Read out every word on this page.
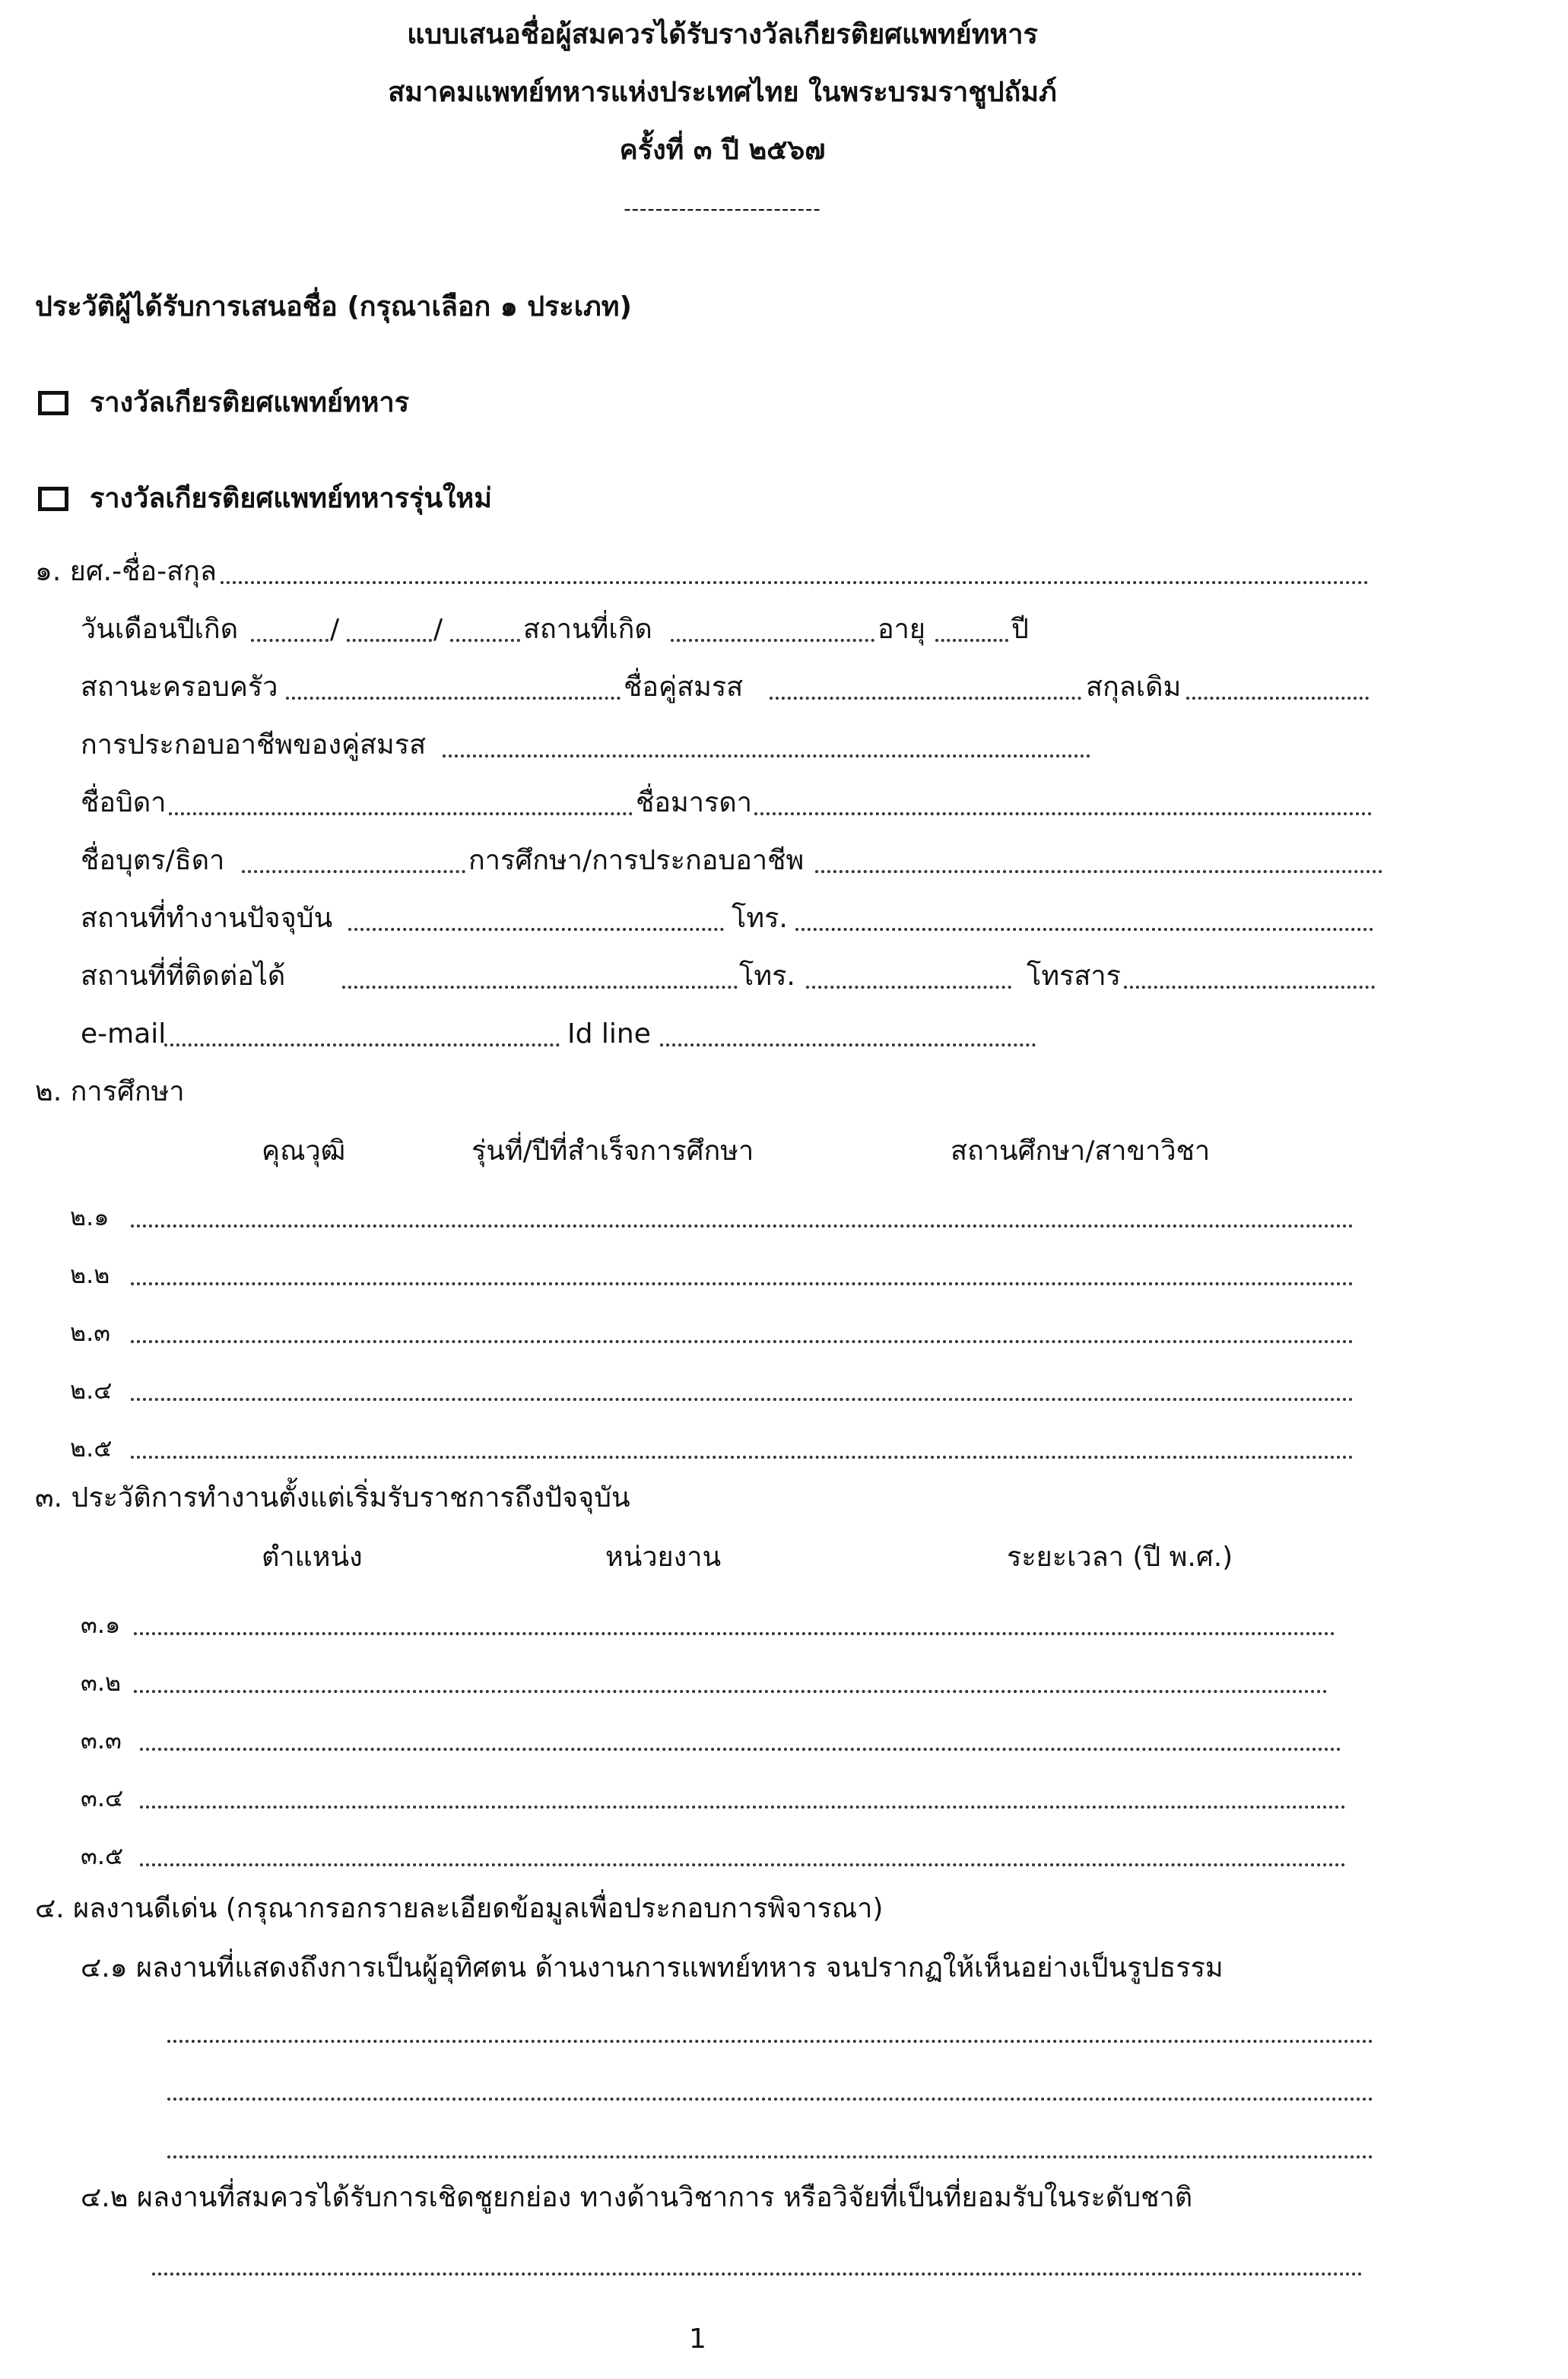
แบบเสนอชื่อผู้สมควรได้รับรางวัลเกียรติยศแพทย์ทหาร
สมาคมแพทย์ทหารแห่งประเทศไทย ในพระบรมราชูปถัมภ์
ครั้งที่ ๓ ปี ๒๕๖๗
-------------------------
ประวัติผู้ได้รับการเสนอชื่อ (กรุณาเลือก ๑ ประเภท)
รางวัลเกียรติยศแพทย์ทหาร
รางวัลเกียรติยศแพทย์ทหารรุ่นใหม่
๑. ยศ.-ชื่อ-สกุล
วันเดือนปีเกิด	/	/	สถานที่เกิด	อายุ	ปี
สถานะครอบครัว	ชื่อคู่สมรส	สกุลเดิม
การประกอบอาชีพของคู่สมรส
ชื่อบิดา	ชื่อมารดา
ชื่อบุตร/ธิดา	การศึกษา/การประกอบอาชีพ
สถานที่ทำงานปัจจุบัน	โทร.
สถานที่ที่ติดต่อได้	โทร.	โทรสาร
e-mail	Id line
๒. การศึกษา
คุณวุฒิ	รุ่นที่/ปีที่สำเร็จการศึกษา	สถานศึกษา/สาขาวิชา
๒.๑
๒.๒
๒.๓
๒.๔
๒.๕
๓. ประวัติการทำงานตั้งแต่เริ่มรับราชการถึงปัจจุบัน
ตำแหน่ง	หน่วยงาน	ระยะเวลา (ปี พ.ศ.)
๓.๑
๓.๒
๓.๓
๓.๔
๓.๕
๔. ผลงานดีเด่น (กรุณากรอกรายละเอียดข้อมูลเพื่อประกอบการพิจารณา)
๔.๑ ผลงานที่แสดงถึงการเป็นผู้อุทิศตน ด้านงานการแพทย์ทหาร จนปรากฏให้เห็นอย่างเป็นรูปธรรม
๔.๒ ผลงานที่สมควรได้รับการเชิดชูยกย่อง ทางด้านวิชาการ หรือวิจัยที่เป็นที่ยอมรับในระดับชาติ
1
